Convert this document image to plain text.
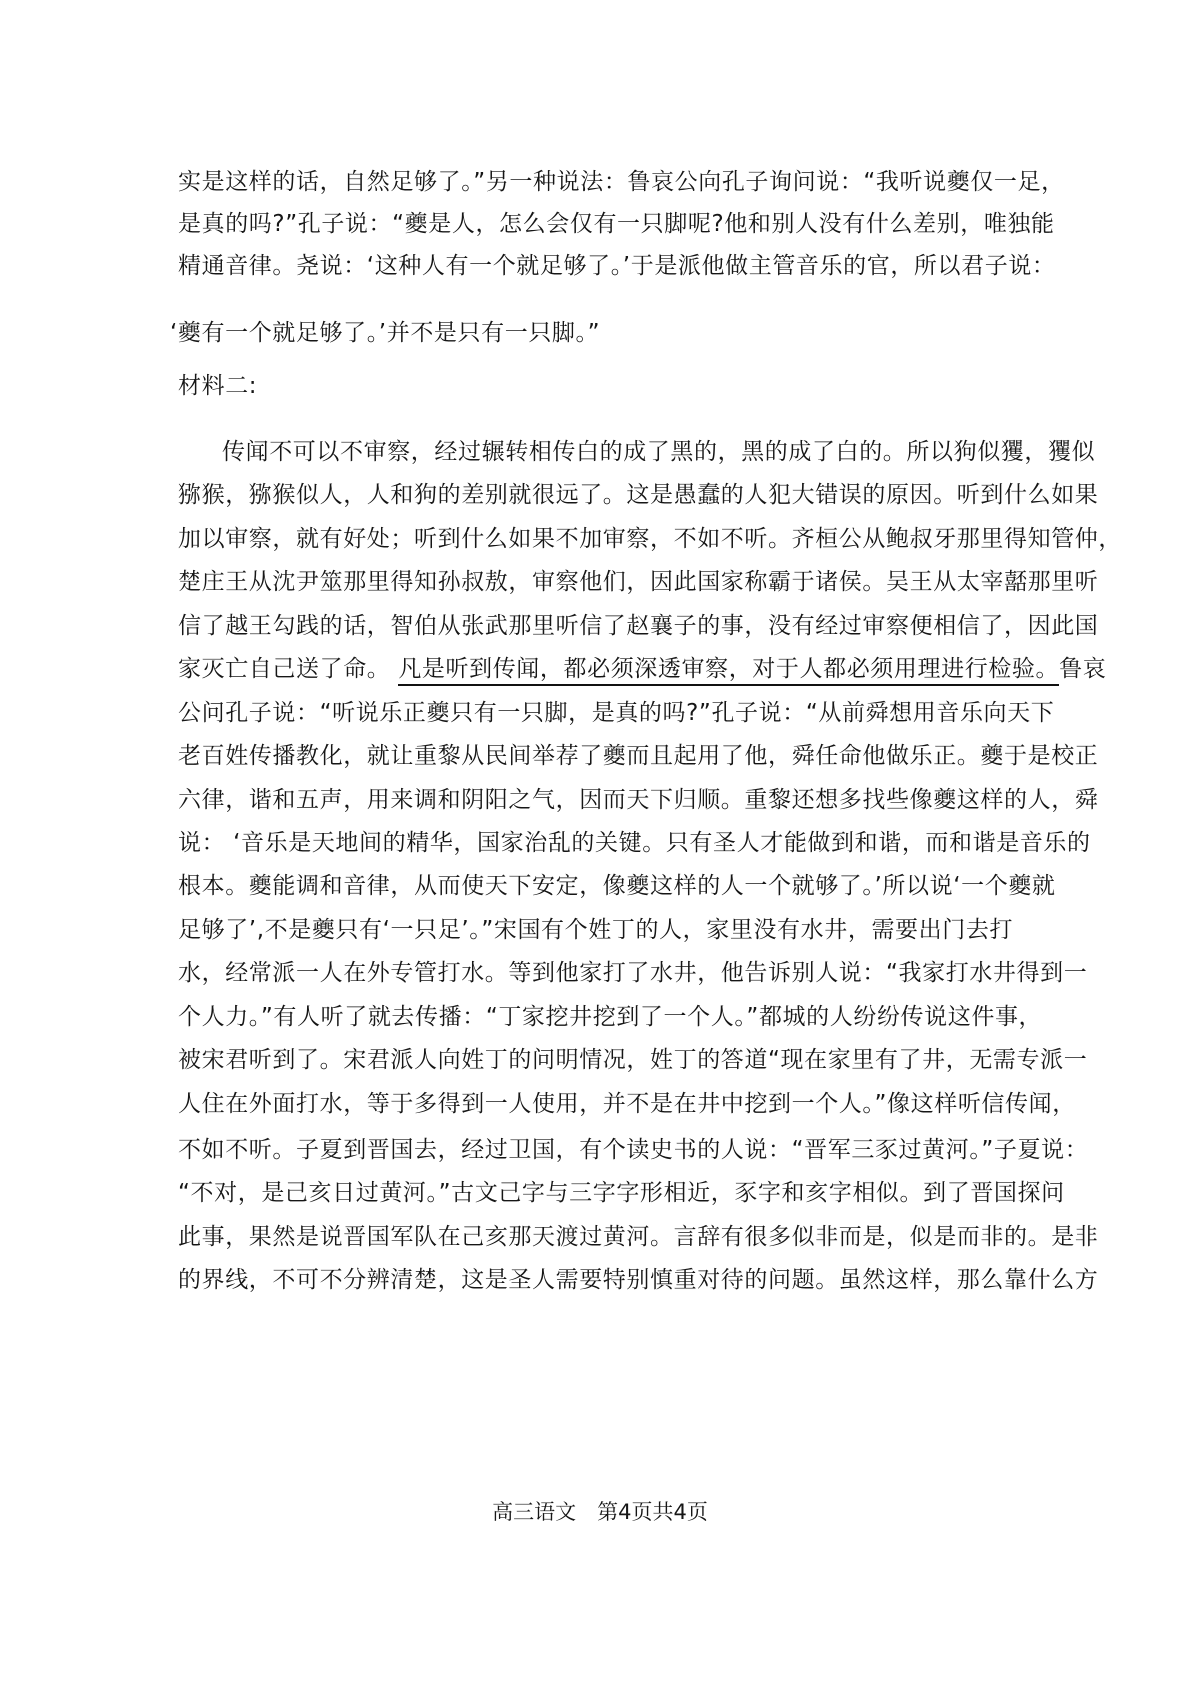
实是这样的话，自然足够了。”另一种说法：鲁哀公向孔子询问说：“我听说夔仅一足，
是真的吗?”孔子说：“夔是人，怎么会仅有一只脚呢?他和别人没有什么差别，唯独能
精通音律。尧说：‘这种人有一个就足够了。’于是派他做主管音乐的官，所以君子说：
‘夔有一个就足够了。’并不是只有一只脚。”
材料二:
传闻不可以不审察，经过辗转相传白的成了黑的，黑的成了白的。所以狗似玃，玃似
猕猴，猕猴似人，人和狗的差别就很远了。这是愚蠢的人犯大错误的原因。听到什么如果
加以审察，就有好处；听到什么如果不加审察，不如不听。齐桓公从鲍叔牙那里得知管仲，
楚庄王从沈尹筮那里得知孙叔敖，审察他们，因此国家称霸于诸侯。吴王从太宰嚭那里听
信了越王勾践的话，智伯从张武那里听信了赵襄子的事，没有经过审察便相信了，因此国
家灭亡自己送了命。 凡是听到传闻，都必须深透审察，对于人都必须用理进行检验。鲁哀
公问孔子说：“听说乐正夔只有一只脚，是真的吗?”孔子说：“从前舜想用音乐向天下
老百姓传播教化，就让重黎从民间举荐了夔而且起用了他，舜任命他做乐正。夔于是校正
六律，谐和五声，用来调和阴阳之气，因而天下归顺。重黎还想多找些像夔这样的人，舜
说： ‘音乐是天地间的精华，国家治乱的关键。只有圣人才能做到和谐，而和谐是音乐的
根本。夔能调和音律，从而使天下安定，像夔这样的人一个就够了。’所以说‘一个夔就
足够了’,不是夔只有‘一只足’。”宋国有个姓丁的人，家里没有水井，需要出门去打
水，经常派一人在外专管打水。等到他家打了水井，他告诉别人说：“我家打水井得到一
个人力。”有人听了就去传播：“丁家挖井挖到了一个人。”都城的人纷纷传说这件事，
被宋君听到了。宋君派人向姓丁的问明情况，姓丁的答道“现在家里有了井，无需专派一
人住在外面打水，等于多得到一人使用，并不是在井中挖到一个人。”像这样听信传闻，
不如不听。子夏到晋国去，经过卫国，有个读史书的人说：“晋军三豕过黄河。”子夏说：
“不对，是己亥日过黄河。”古文己字与三字字形相近，豕字和亥字相似。到了晋国探问
此事，果然是说晋国军队在己亥那天渡过黄河。言辞有很多似非而是，似是而非的。是非
的界线，不可不分辨清楚，这是圣人需要特别慎重对待的问题。虽然这样，那么靠什么方
高三语文　第4页共4页
